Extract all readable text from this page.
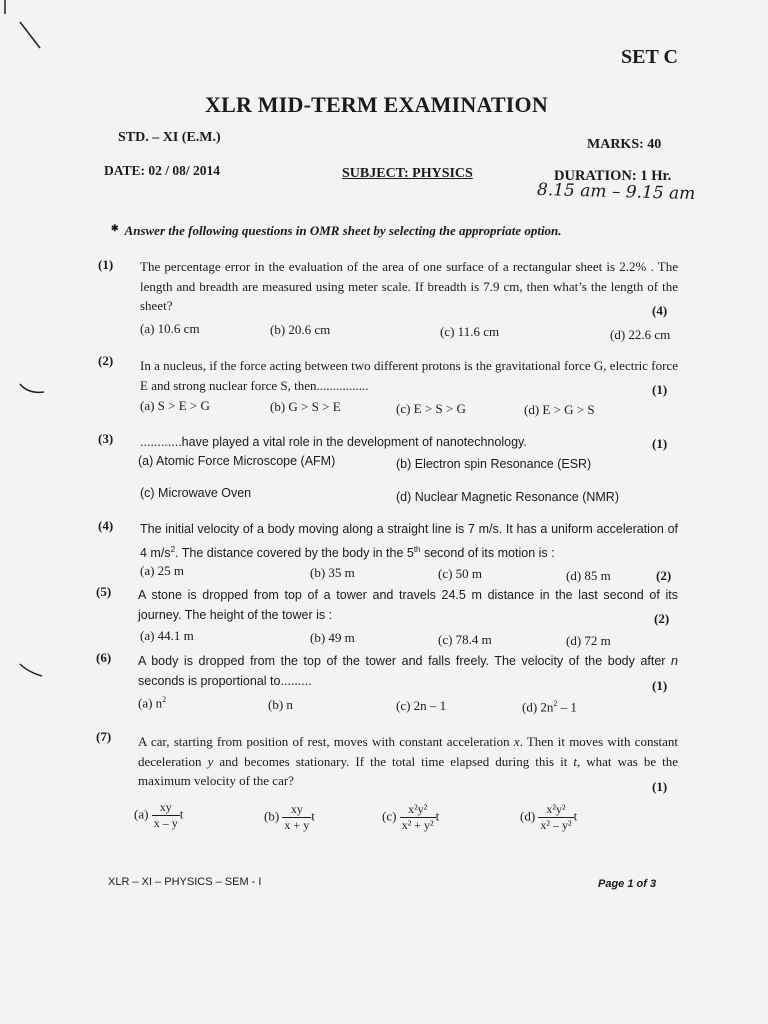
SET C
XLR MID-TERM EXAMINATION
STD. – XI (E.M.)	MARKS: 40
DATE: 02 / 08/ 2014	SUBJECT: PHYSICS	DURATION: 1 Hr.
8.15 am – 9.15 am
✱ Answer the following questions in OMR sheet by selecting the appropriate option.
(1) The percentage error in the evaluation of the area of one surface of a rectangular sheet is 2.2% . The length and breadth are measured using meter scale. If breadth is 7.9 cm, then what’s the length of the sheet?	(4)
(a) 10.6 cm	(b) 20.6 cm	(c) 11.6 cm	(d) 22.6 cm
(2) In a nucleus, if the force acting between two different protons is the gravitational force G, electric force E and strong nuclear force S, then................	(1)
(a) S > E > G	(b) G > S > E	(c) E > S > G	(d) E > G > S
(3) ............have played a vital role in the development of nanotechnology.	(1)
(a) Atomic Force Microscope (AFM)	(b) Electron spin Resonance (ESR)
(c) Microwave Oven	(d) Nuclear Magnetic Resonance (NMR)
(4) The initial velocity of a body moving along a straight line is 7 m/s. It has a uniform acceleration of 4 $m/s^2$. The distance covered by the body in the 5th second of its motion is :
(2)
(a) 25 m	(b) 35 m	(c) 50 m	(d) 85 m
(5) A stone is dropped from top of a tower and travels 24.5 m distance in the last second of its journey. The height of the tower is :	(2)
(a) 44.1 m	(b) 49 m	(c) 78.4 m	(d) 72 m
(6) A body is dropped from the top of the tower and falls freely. The velocity of the body after n seconds is proportional to.........	(1)
(a) $n^2$	(b) n	(c) 2n – 1	(d) $2n^2 - 1$
(7) A car, starting from position of rest, moves with constant acceleration x. Then it moves with constant deceleration y and becomes stationary. If the total time elapsed during this it t, what was be the maximum velocity of the car?	(1)
$(a) \frac{xy}{x - y}$ t	$(b) \frac{xy}{x + y}$ t	$(c) \frac{\text{x²y²}}{\text{x² + y²}}$ t	$(d) \frac{\text{x²y²}}{\text{x² – y²}}$ t
XLR – XI – PHYSICS – SEM - I	Page 1 of 3
